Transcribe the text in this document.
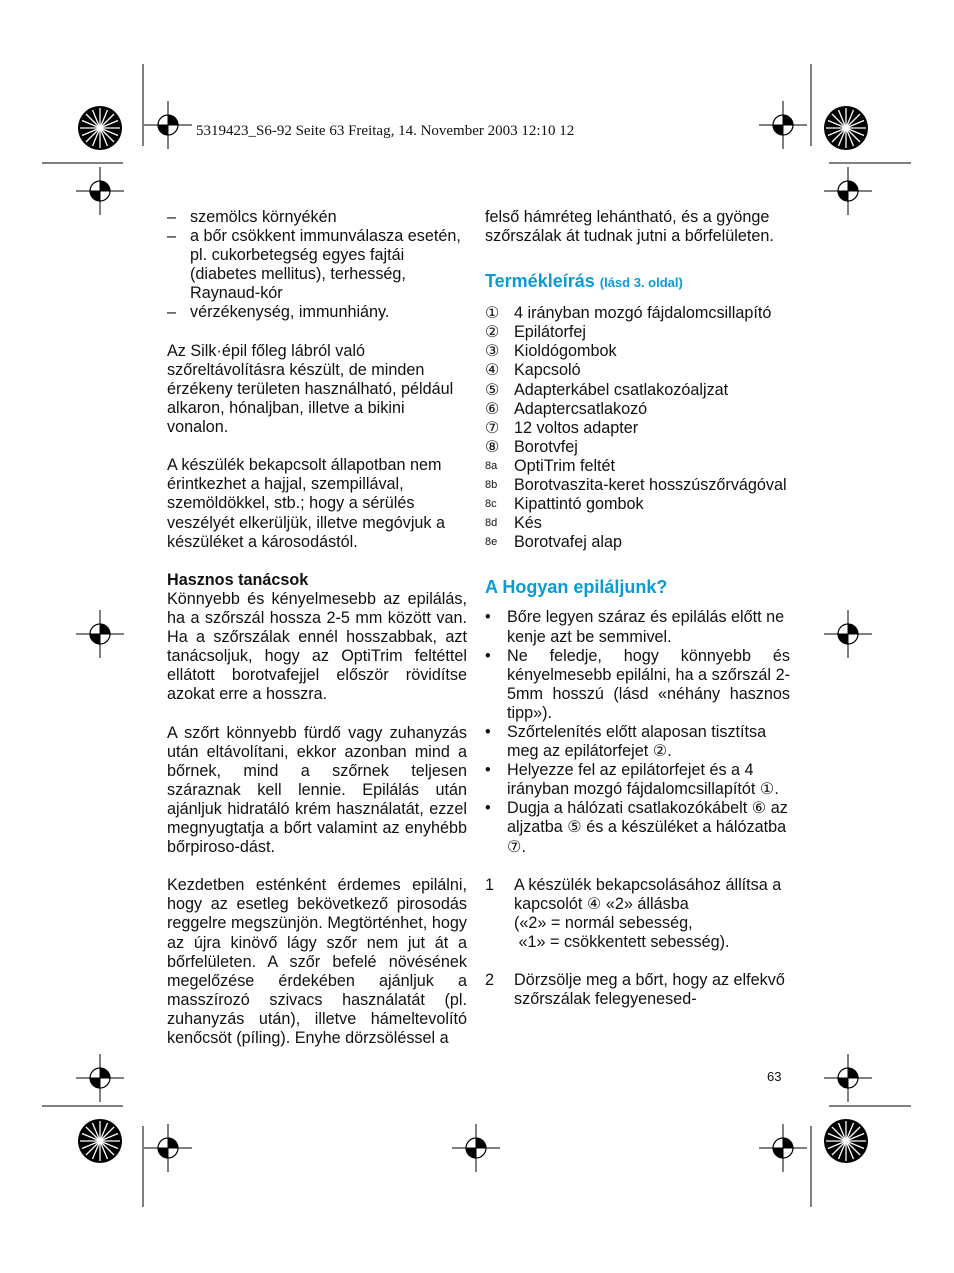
5319423_S6-92 Seite 63 Freitag, 14. November 2003 12:10 12
– szemölcs környékén
– a bőr csökkent immunválasza esetén, pl. cukorbetegség egyes fajtái (diabetes mellitus), terhesség, Raynaud-kór
– vérzékenység, immunhiány.

Az Silk·épil főleg lábról való szőreltávolításra készült, de minden érzékeny területen használható, például alkaron, hónaljban, illetve a bikini vonalon.

A készülék bekapcsolt állapotban nem érintkezhet a hajjal, szempillával, szemöldökkel, stb.; hogy a sérülés veszélyét elkerüljük, illetve megóvjuk a készüléket a károsodástól.

Hasznos tanácsok

Könnyebb és kényelmesebb az epilálás, ha a szőrszál hossza 2-5 mm között van. Ha a szőrszálak ennél hosszabbak, azt tanácsoljuk, hogy az OptiTrim feltéttel ellátott borotvafejjel először rövidítse azokat erre a hosszra.

A szőrt könnyebb fürdő vagy zuhanyzás után eltávolítani, ekkor azonban mind a bőrnek, mind a szőrnek teljesen száraznak kell lennie. Epilálás után ajánljuk hidratáló krém használatát, ezzel megnyugtatja a bőrt valamint az enyhébb bőrpiroso-dást.

Kezdetben esténként érdemes epilálni, hogy az esetleg bekövetkező pirosodás reggelre megszünjön. Megtörténhet, hogy az újra kinövő lágy szőr nem jut át a bőrfelületen. A szőr befelé növésének megelőzése érdekében ajánljuk a masszírozó szivacs használatát (pl. zuhanyzás után), illetve hámeltevolító kenőcsöt (píling). Enyhe dörzsöléssel a

felső hámréteg lehántható, és a gyönge szőrszálak át tudnak jutni a bőrfelületen.

Termékleírás (lásd 3. oldal)
① 4 irányban mozgó fájdalomcsillapító
② Epilátorfej
③ Kioldógombok
④ Kapcsoló
⑤ Adapterkábel csatlakozóaljzat
⑥ Adaptercsatlakozó
⑦ 12 voltos adapter
⑧ Borotvfej
8a	OptiTrim feltét
8b	Borotvaszita-keret hosszúszőrvágóval
8c	Kipattintó gombok
8d	Kés
8e	Borotvafej alap
A Hogyan epiláljunk?
•	Bőre legyen száraz és epilálás előtt ne kenje azt be semmivel.
•	Ne feledje, hogy könnyebb és kényelmesebb epilálni, ha a szőrszál 2-5mm hosszú (lásd «néhány hasznos tipp»).
•	Szőrtelenítés előtt alaposan tisztítsa meg az epilátorfejet ②.
•	Helyezze fel az epilátorfejet és a 4 irányban mozgó fájdalomcsillapítót ①.
•	Dugja a hálózati csatlakozókábelt ⑥ az aljzatba ⑤ és a készüléket a hálózatba ⑦.
1	A készülék bekapcsolásához állítsa a kapcsolót ④ «2» állásba
(«2» = normál sebesség,
«1» = csökkentett sebesség).
2	Dörzsölje meg a bőrt, hogy az elfekvő szőrszálak felegyenesed-
63
